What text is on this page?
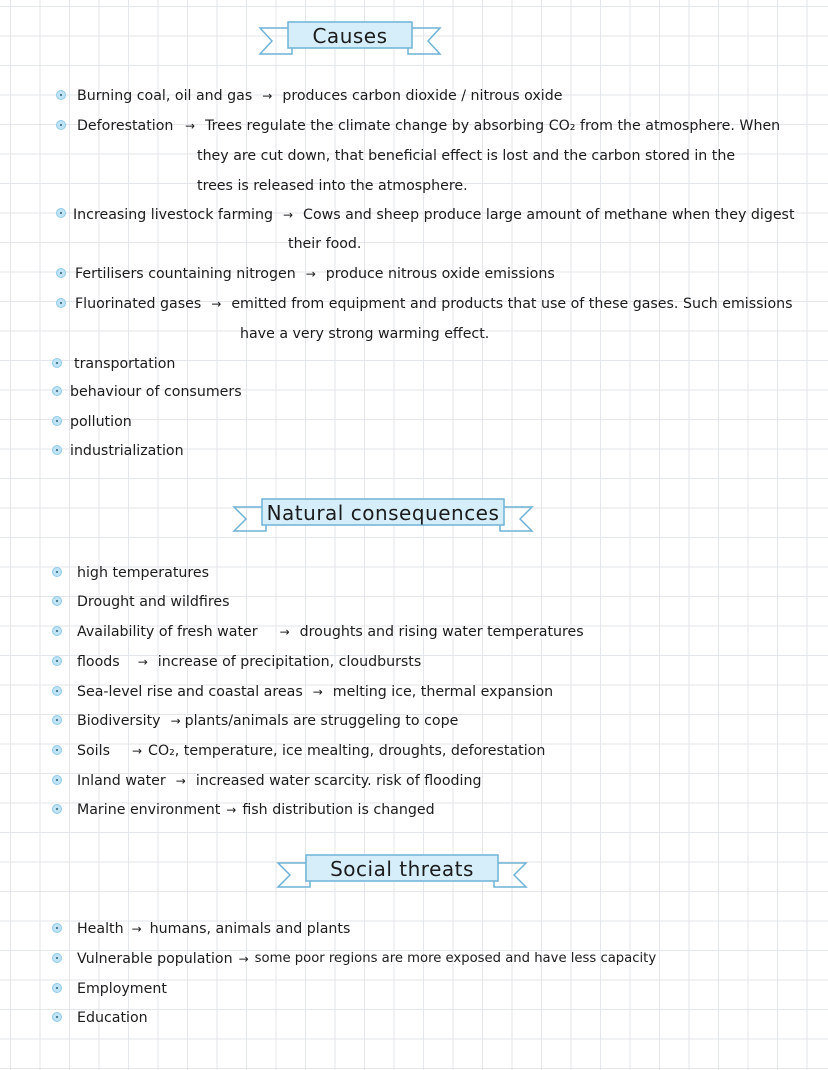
Causes
Burning coal, oil and gas → produces carbon dioxide / nitrous oxide
Deforestation → Trees regulate the climate change by absorbing CO₂ from the atmosphere. When
they are cut down, that beneficial effect is lost and the carbon stored in the
trees is released into the atmosphere.
Increasing livestock farming → Cows and sheep produce large amount of methane when they digest
their food.
Fertilisers countaining nitrogen → produce nitrous oxide emissions
Fluorinated gases → emitted from equipment and products that use of these gases. Such emissions
have a very strong warming effect.
transportation
behaviour of consumers
pollution
industrialization
Natural consequences
high temperatures
Drought and wildfires
Availability of fresh water → droughts and rising water temperatures
floods → increase of precipitation, cloudbursts
Sea-level rise and coastal areas → melting ice, thermal expansion
Biodiversity → plants/animals are struggeling to cope
Soils → CO₂, temperature, ice mealting, droughts, deforestation
Inland water → increased water scarcity. risk of flooding
Marine environment → fish distribution is changed
Social threats
Health → humans, animals and plants
Vulnerable population → some poor regions are more exposed and have less capacity
Employment
Education
